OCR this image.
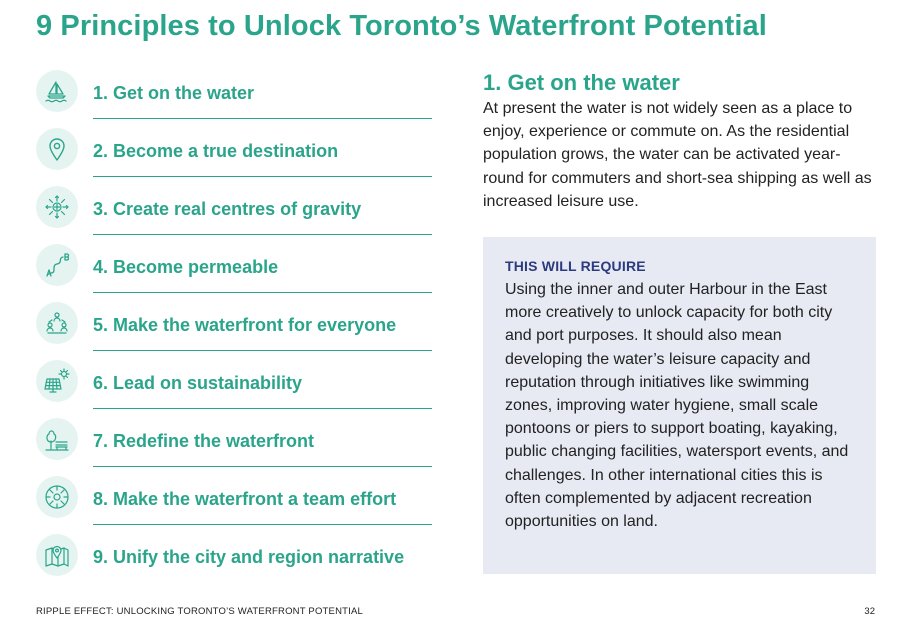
9 Principles to Unlock Toronto’s Waterfront Potential
1. Get on the water
2. Become a true destination
3. Create real centres of gravity
4. Become permeable
5. Make the waterfront for everyone
6. Lead on sustainability
7. Redefine the waterfront
8. Make the waterfront a team effort
9. Unify the city and region narrative
1. Get on the water

At present the water is not widely seen as a place to enjoy, experience or commute on. As the residential population grows, the water can be activated year-round for commuters and short-sea shipping as well as increased leisure use.

THIS WILL REQUIRE

Using the inner and outer Harbour in the East more creatively to unlock capacity for both city and port purposes. It should also mean developing the water’s leisure capacity and reputation through initiatives like swimming zones, improving water hygiene, small scale pontoons or piers to support boating, kayaking, public changing facilities, watersport events, and challenges. In other international cities this is often complemented by adjacent recreation opportunities on land.

RIPPLE EFFECT: UNLOCKING TORONTO’S WATERFRONT POTENTIAL	32
